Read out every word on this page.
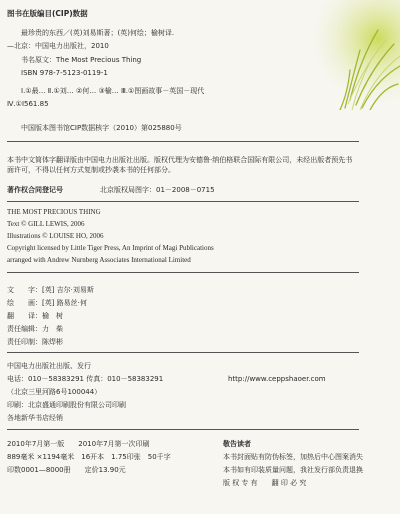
图书在版编目(CIP)数据
最珍贵的东西／(英)刘易斯著；(英)何绘；榆树译.
—北京：中国电力出版社，2010
书名原文：The Most Precious Thing
ISBN 978-7-5123-0119-1
Ⅰ.①最… Ⅱ.①刘… ②何… ③榆… Ⅲ.①图画故事－英国－现代
Ⅳ.①I561.85
中国版本图书馆CIP数据核字（2010）第025880号
本书中文简体字翻译版由中国电力出版社出版。版权代理为安德鲁·纳伯格联合国际有限公司，未经出版者预先书面许可，不得以任何方式复制或抄袭本书的任何部分。
著作权合同登记号	北京版权局图字：01－2008－0715
THE MOST PRECIOUS THING
Text © GILL LEWIS, 2006
Illustrations © LOUISE HO, 2006
Copyright licensed by Little Tiger Press, An Imprint of Magi Publications
arranged with Andrew Nurnberg Associates International Limited
文　　字：[英] 吉尔·刘易斯
绘　　画：[英] 路易丝·何
翻　　译：榆　树
责任编辑：力　柴
责任印制：陈焊彬
中国电力出版社出版、发行
电话：010－58383291 传真：010－58383291	http://www.ceppshaoer.com
（北京三里河路6号100044）
印刷：北京盛通印刷股份有限公司印刷
各地新华书店经销
2010年7月第一版　　2010年7月第一次印刷
889毫米 ×1194毫米　16开本　1.75印张　50千字
印数0001—8000册　　定价13.90元
敬告读者
本书封面贴有防伪标签，加热后中心图案消失
本书如有印装质量问题，我社发行部负责退换
版 权 专 有　　翻 印 必 究
